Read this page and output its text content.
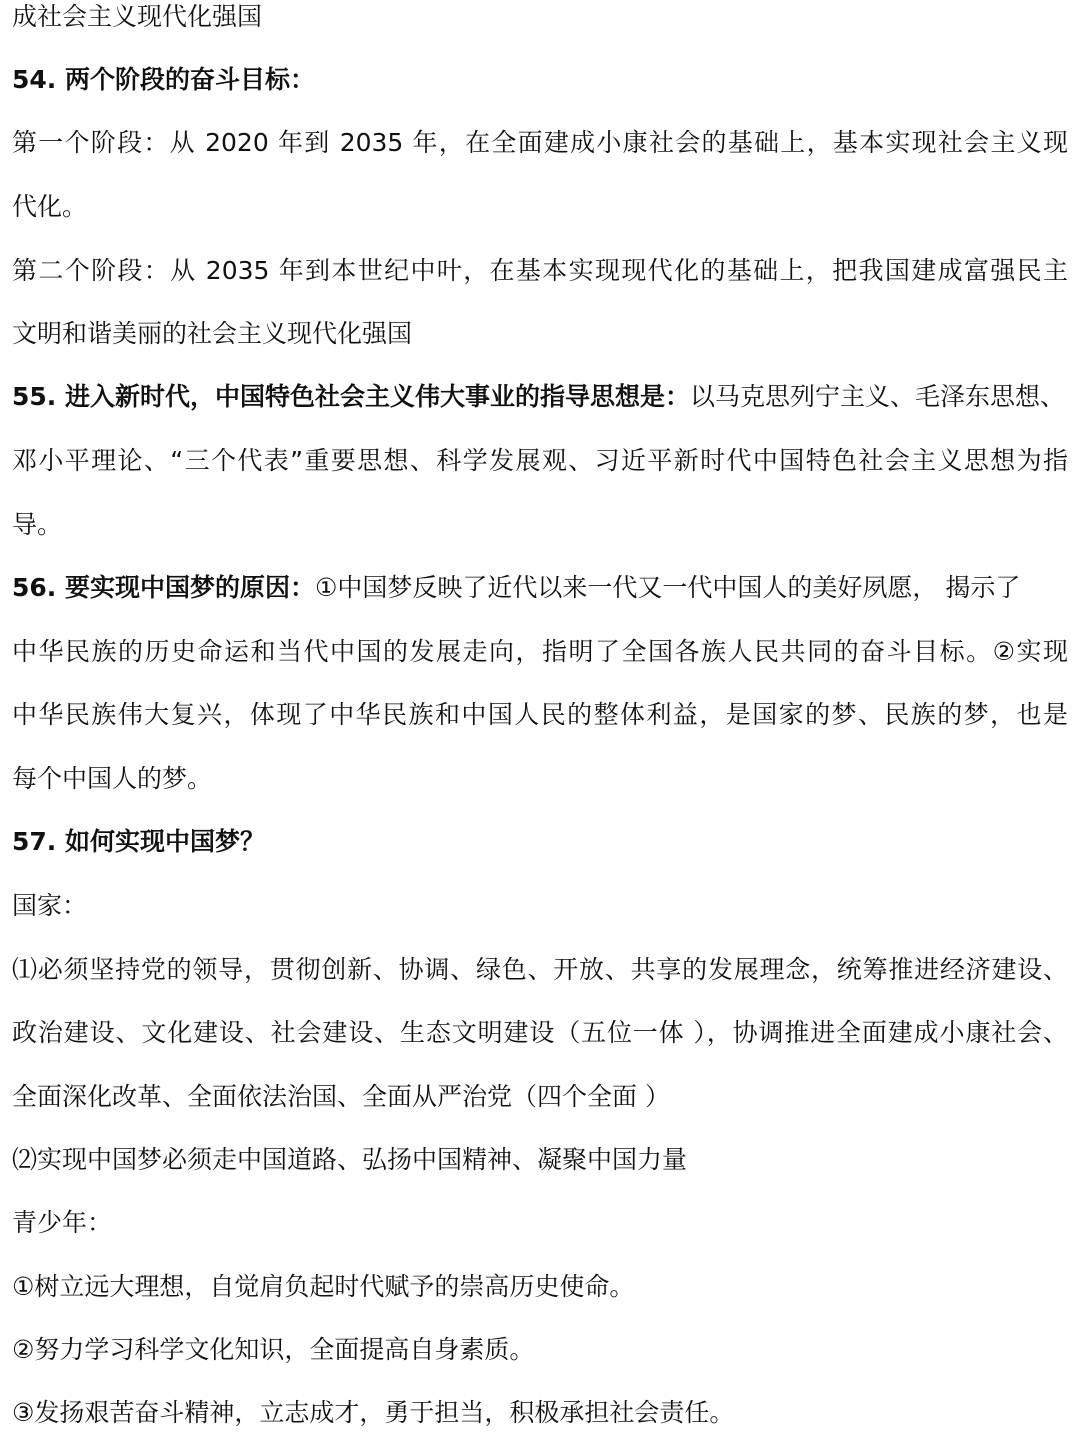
成社会主义现代化强国
54. 两个阶段的奋斗目标：
第一个阶段：从 2020 年到 2035 年，在全面建成小康社会的基础上，基本实现社会主义现
代化。
第二个阶段：从 2035 年到本世纪中叶，在基本实现现代化的基础上，把我国建成富强民主
文明和谐美丽的社会主义现代化强国
55. 进入新时代，中国特色社会主义伟大事业的指导思想是：以马克思列宁主义、毛泽东思想、
邓小平理论、“三个代表”重要思想、科学发展观、习近平新时代中国特色社会主义思想为指
导。
56. 要实现中国梦的原因：①中国梦反映了近代以来一代又一代中国人的美好夙愿， 揭示了
中华民族的历史命运和当代中国的发展走向，指明了全国各族人民共同的奋斗目标。②实现
中华民族伟大复兴，体现了中华民族和中国人民的整体利益，是国家的梦、民族的梦，也是
每个中国人的梦。
57. 如何实现中国梦？
国家：
⑴必须坚持党的领导，贯彻创新、协调、绿色、开放、共享的发展理念，统筹推进经济建设、
政治建设、文化建设、社会建设、生态文明建设（五位一体 ），协调推进全面建成小康社会、
全面深化改革、全面依法治国、全面从严治党（四个全面 ）
⑵实现中国梦必须走中国道路、弘扬中国精神、凝聚中国力量
青少年：
①树立远大理想，自觉肩负起时代赋予的崇高历史使命。
②努力学习科学文化知识，全面提高自身素质。
③发扬艰苦奋斗精神，立志成才，勇于担当，积极承担社会责任。
